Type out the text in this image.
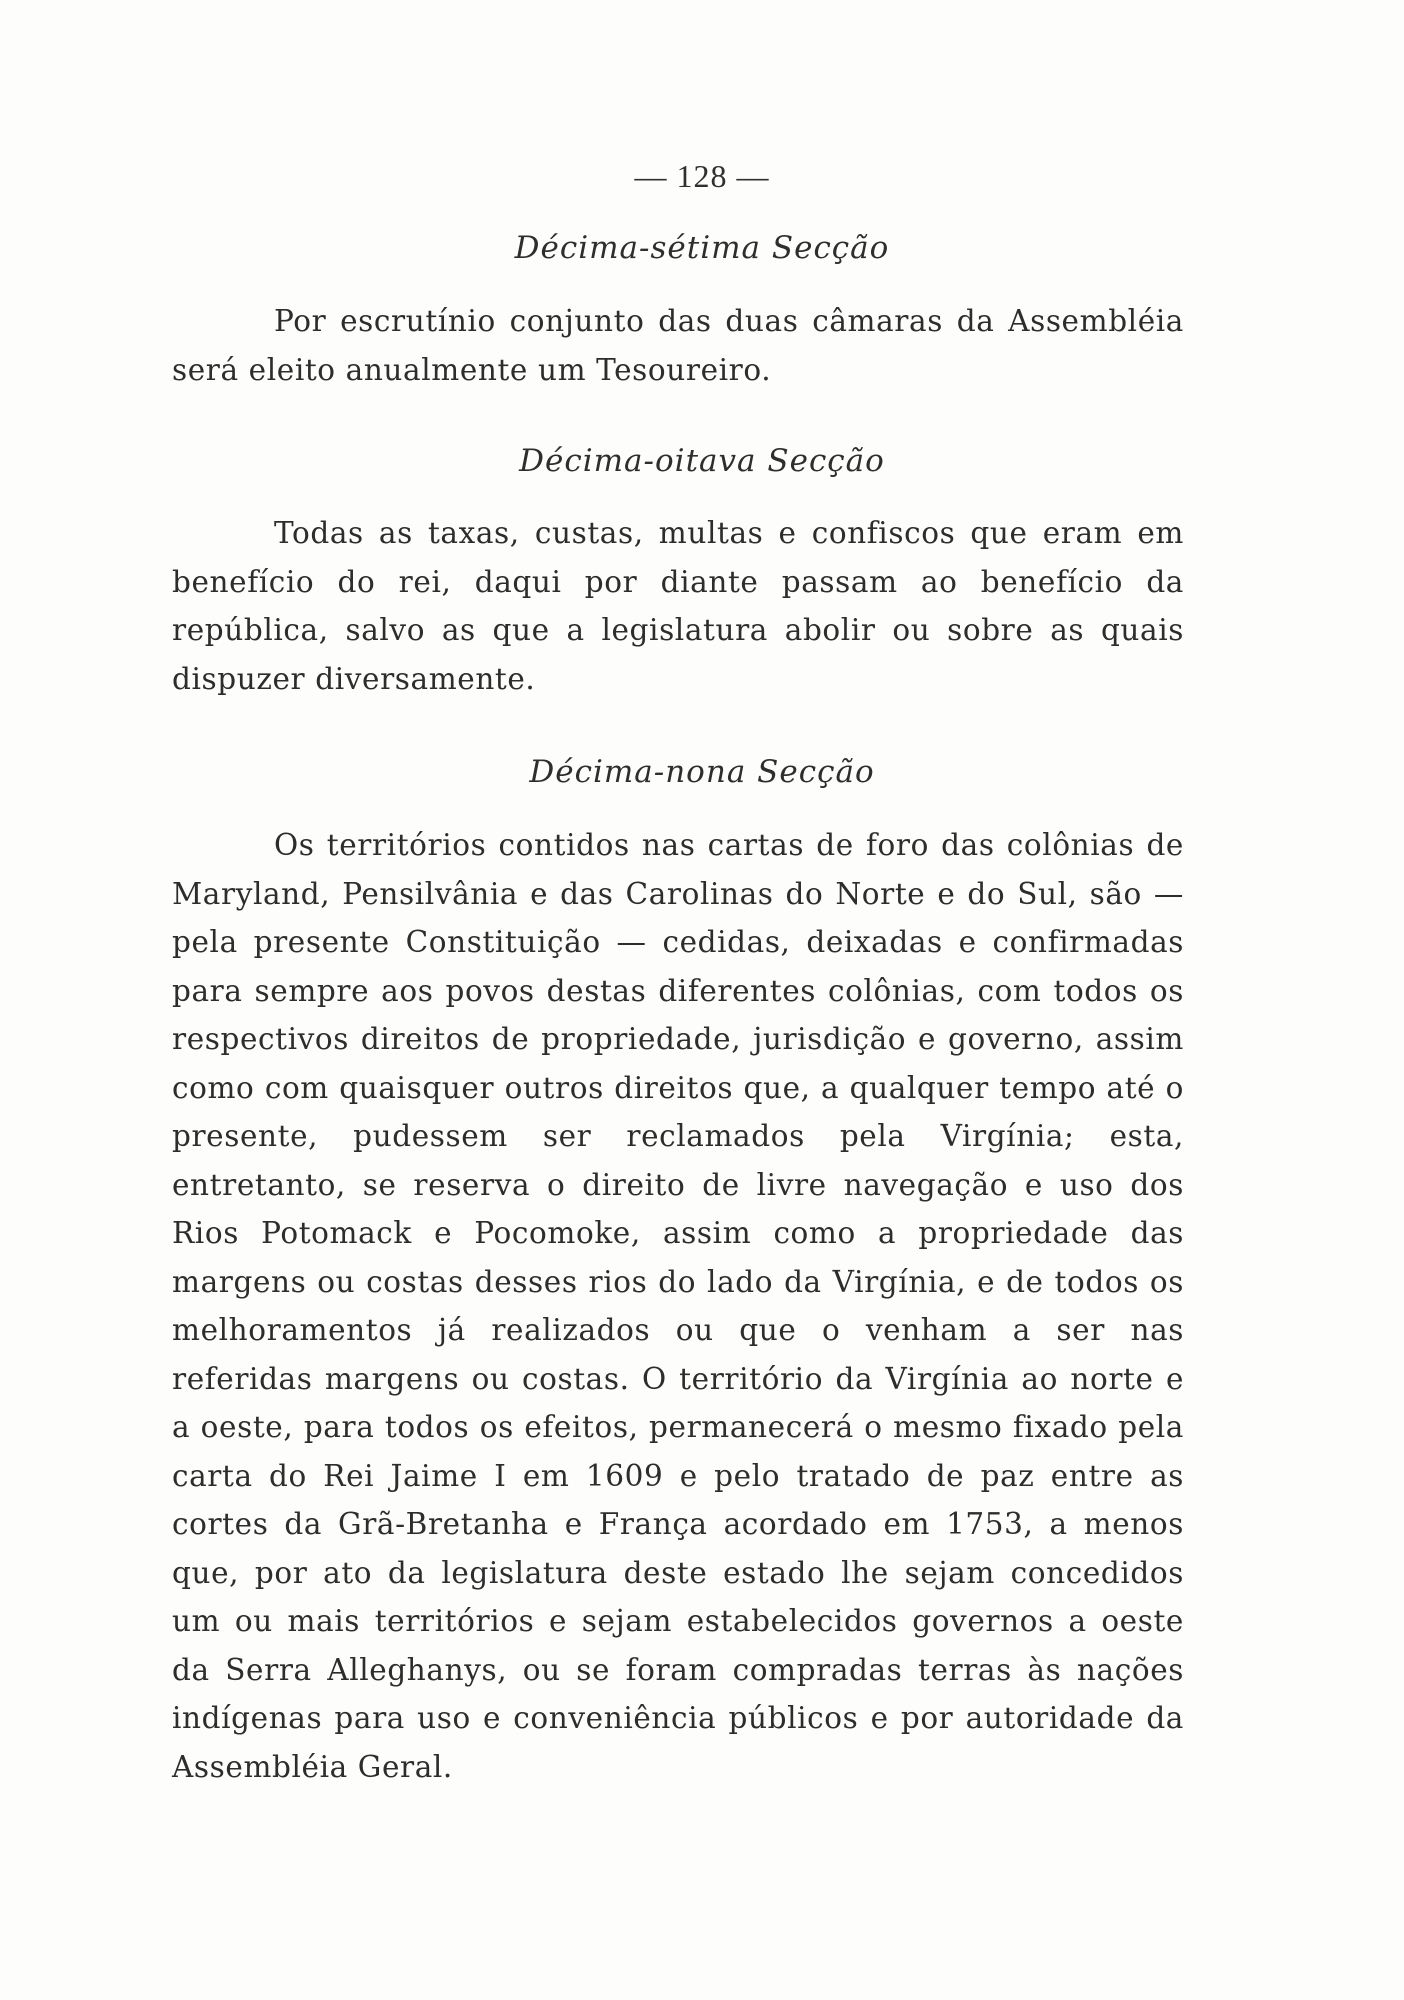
— 128 —
Décima-sétima Secção

Por escrutínio conjunto das duas câmaras da Assembléia será eleito anualmente um Tesoureiro.

Décima-oitava Secção

Todas as taxas, custas, multas e confiscos que eram em benefício do rei, daqui por diante passam ao benefício da república, salvo as que a legislatura abolir ou sobre as quais dispuzer diversamente.

Décima-nona Secção

Os territórios contidos nas cartas de foro das colônias de Maryland, Pensilvânia e das Carolinas do Norte e do Sul, são — pela presente Constituição — cedidas, deixadas e confirmadas para sempre aos povos destas diferentes colônias, com todos os respectivos direitos de propriedade, jurisdição e governo, assim como com quaisquer outros direitos que, a qualquer tempo até o presente, pudessem ser reclamados pela Virgínia; esta, entretanto, se reserva o direito de livre navegação e uso dos Rios Potomack e Pocomoke, assim como a propriedade das margens ou costas desses rios do lado da Virgínia, e de todos os melhoramentos já realizados ou que o venham a ser nas referidas margens ou costas. O território da Virgínia ao norte e a oeste, para todos os efeitos, permanecerá o mesmo fixado pela carta do Rei Jaime I em 1609 e pelo tratado de paz entre as cortes da Grã-Bretanha e França acordado em 1753, a menos que, por ato da legislatura deste estado lhe sejam concedidos um ou mais territórios e sejam estabelecidos governos a oeste da Serra Alleghanys, ou se foram compradas terras às nações indígenas para uso e conveniência públicos e por autoridade da Assembléia Geral.
